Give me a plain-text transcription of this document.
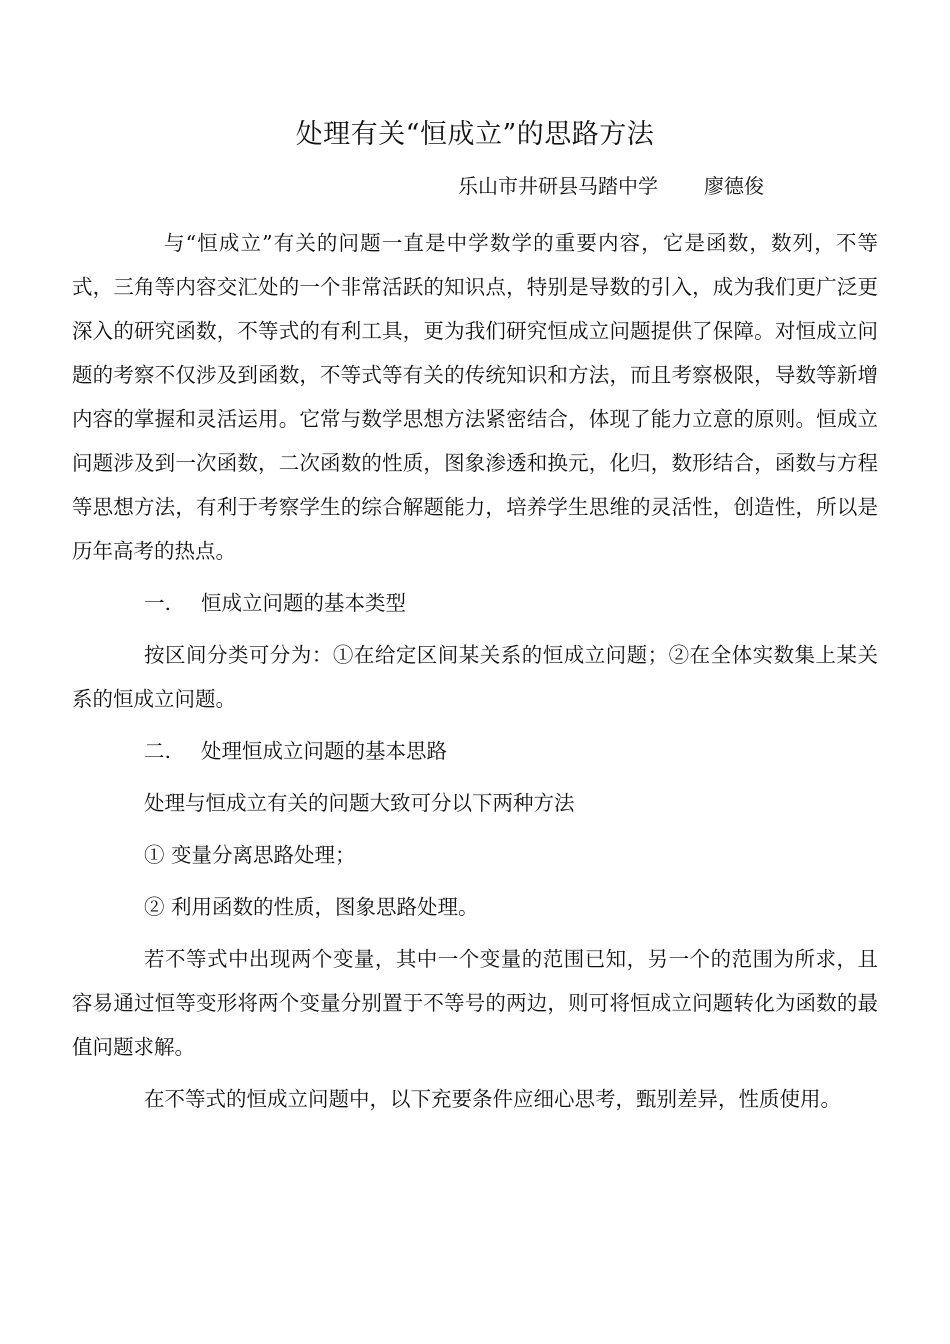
处理有关“恒成立”的思路方法
乐山市井研县马踏中学 廖德俊

与“恒成立”有关的问题一直是中学数学的重要内容，它是函数，数列，不等式，三角等内容交汇处的一个非常活跃的知识点，特别是导数的引入，成为我们更广泛更深入的研究函数，不等式的有利工具，更为我们研究恒成立问题提供了保障。对恒成立问题的考察不仅涉及到函数，不等式等有关的传统知识和方法，而且考察极限，导数等新增内容的掌握和灵活运用。它常与数学思想方法紧密结合，体现了能力立意的原则。恒成立问题涉及到一次函数，二次函数的性质，图象渗透和换元，化归，数形结合，函数与方程等思想方法，有利于考察学生的综合解题能力，培养学生思维的灵活性，创造性，所以是历年高考的热点。

一. 恒成立问题的基本类型

按区间分类可分为：①在给定区间某关系的恒成立问题；②在全体实数集上某关系的恒成立问题。

二. 处理恒成立问题的基本思路

处理与恒成立有关的问题大致可分以下两种方法

① 变量分离思路处理；

② 利用函数的性质，图象思路处理。

若不等式中出现两个变量，其中一个变量的范围已知，另一个的范围为所求，且容易通过恒等变形将两个变量分别置于不等号的两边，则可将恒成立问题转化为函数的最值问题求解。

在不等式的恒成立问题中，以下充要条件应细心思考，甄别差异，性质使用。
